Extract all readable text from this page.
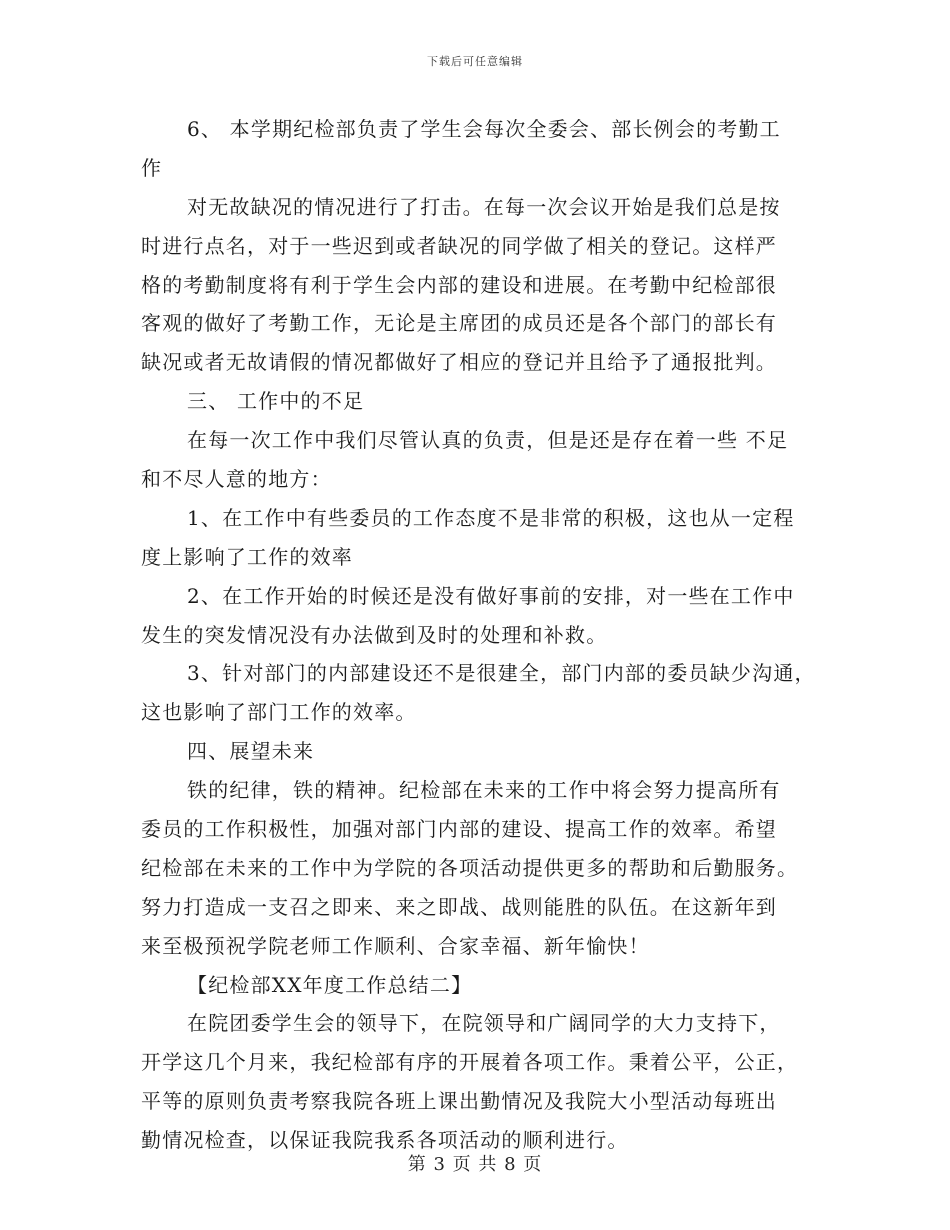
下载后可任意编辑
6、 本学期纪检部负责了学生会每次全委会、部长例会的考勤工
作
对无故缺况的情况进行了打击。在每一次会议开始是我们总是按
时进行点名，对于一些迟到或者缺况的同学做了相关的登记。这样严
格的考勤制度将有利于学生会内部的建设和进展。在考勤中纪检部很
客观的做好了考勤工作，无论是主席团的成员还是各个部门的部长有
缺况或者无故请假的情况都做好了相应的登记并且给予了通报批判。
三、 工作中的不足
在每一次工作中我们尽管认真的负责，但是还是存在着一些 不足
和不尽人意的地方：
1、在工作中有些委员的工作态度不是非常的积极，这也从一定程
度上影响了工作的效率
2、在工作开始的时候还是没有做好事前的安排，对一些在工作中
发生的突发情况没有办法做到及时的处理和补救。
3、针对部门的内部建设还不是很建全，部门内部的委员缺少沟通，
这也影响了部门工作的效率。
四、展望未来
铁的纪律，铁的精神。纪检部在未来的工作中将会努力提高所有
委员的工作积极性，加强对部门内部的建设、提高工作的效率。希望
纪检部在未来的工作中为学院的各项活动提供更多的帮助和后勤服务。
努力打造成一支召之即来、来之即战、战则能胜的队伍。在这新年到
来至极预祝学院老师工作顺利、合家幸福、新年愉快！
【纪检部XX年度工作总结二】
在院团委学生会的领导下，在院领导和广阔同学的大力支持下，
开学这几个月来，我纪检部有序的开展着各项工作。秉着公平，公正，
平等的原则负责考察我院各班上课出勤情况及我院大小型活动每班出
勤情况检查，以保证我院我系各项活动的顺利进行。
第 3 页 共 8 页
